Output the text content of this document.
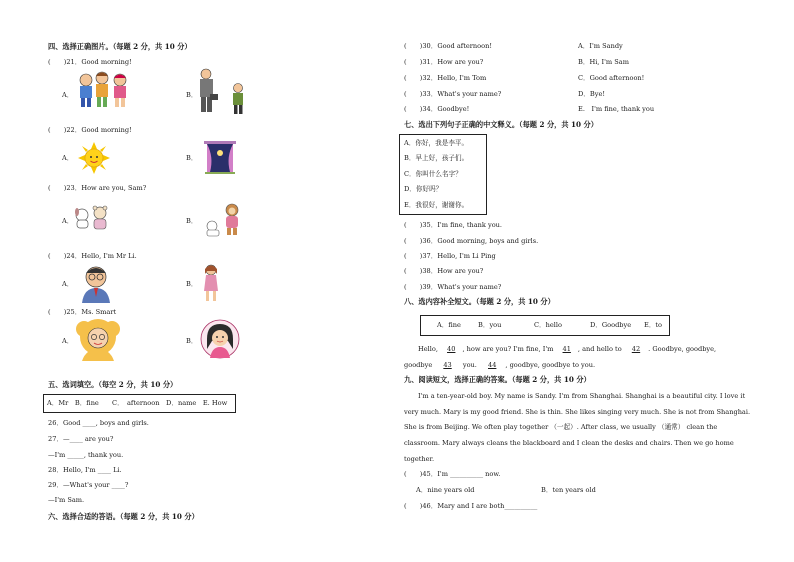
四、选择正确图片。（每题 2 分，共 10 分）
(　　)21．Good morning!
A．	B．
(　　)22．Good morning!
A．	B．
(　　)23．How are you, Sam?
A．	B．
(　　)24．Hello, I'm Mr Li.
A．	B．
(　　)25．Ms. Smart
A．	B．
五、选词填空。（每空 2 分，共 10 分）
A．Mr　B．fine　　C．　afternoon　D．name　E. How
26．Good ____, boys and girls.
27．—____ are you?
—I'm _____, thank you.
28．Hello, I'm ____ Li.
29．—What's your ____?
—I'm Sam.
六、选择合适的答语。（每题 2 分，共 10 分）
(　　)30．Good afternoon!	A．I'm Sandy
(　　)31．How are you?	B．Hi, I'm Sam
(　　)32．Hello, I'm Tom	C．Good afternoon!
(　　)33．What's your name?	D．Bye!
(　　)34．Goodbye!	E.　I'm fine, thank you
七、选出下列句子正确的中文释义。（每题 2 分，共 10 分）
A．你好，我是李平。
B．早上好，孩子们。
C．你叫什么名字？
D．你好吗？
E．我很好，谢谢你。
(　　)35．I'm fine, thank you.
(　　)36．Good morning, boys and girls.
(　　)37．Hello, I'm Li Ping
(　　)38．How are you?
(　　)39．What's your name?
八、选内容补全短文。（每题 2 分，共 10 分）
A．fine	B．you	C．hello	D．Goodbye E．to
Hello, 40 , how are you? I'm fine, I'm 41 , and hello to 42 . Goodbye, goodbye,
goodbye 43 you. 44 , goodbye, goodbye to you.
九、阅读短文，选择正确的答案。（每题 2 分，共 10 分）
I'm a ten-year-old boy. My name is Sandy. I'm from Shanghai. Shanghai is a beautiful city. I love it
very much. Mary is my good friend. She is thin. She likes singing very much. She is not from Shanghai.
She is from Beijing. We often play together （一起）. After class, we usually （通常） clean the
classroom. Mary always cleans the blackboard and I clean the desks and chairs. Then we go home
together.
(　　)45．I'm __________ now.
A．nine years old	B．ten years old
(　　)46．Mary and I are both__________
